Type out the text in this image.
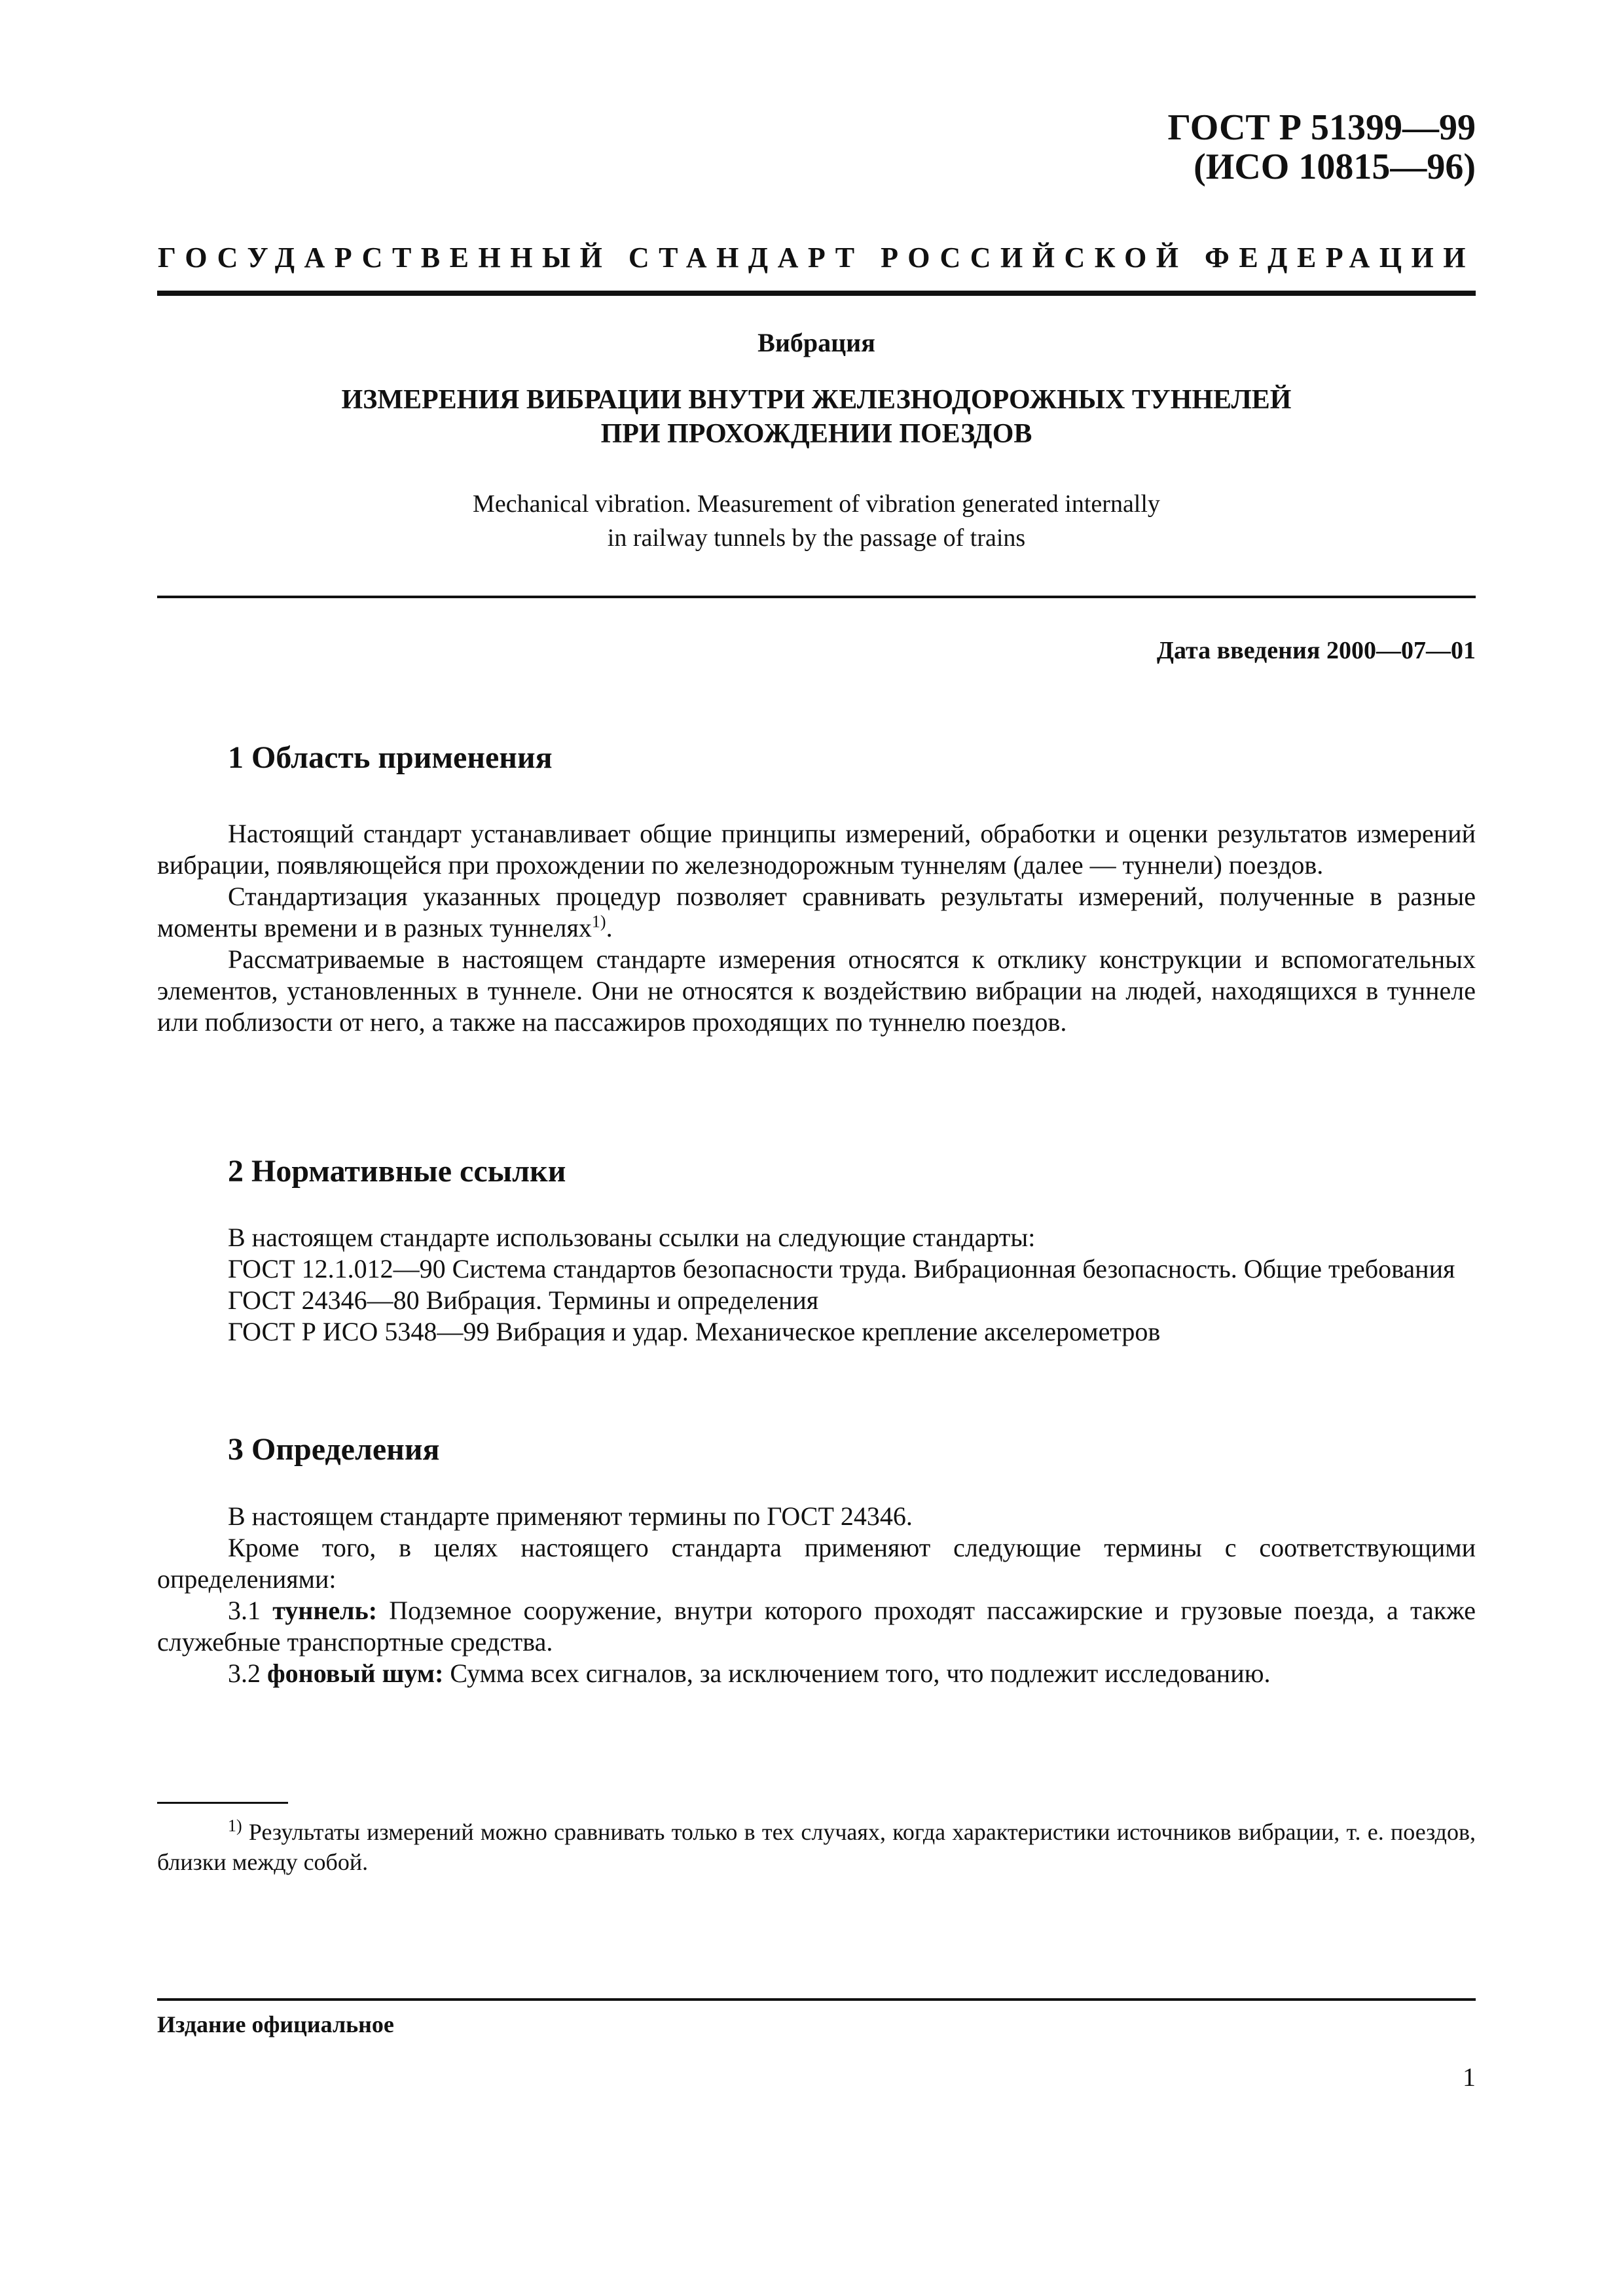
ГОСТ Р 51399—99
(ИСО 10815—96)
ГОСУДАРСТВЕННЫЙ СТАНДАРТ РОССИЙСКОЙ ФЕДЕРАЦИИ
Вибрация
ИЗМЕРЕНИЯ ВИБРАЦИИ ВНУТРИ ЖЕЛЕЗНОДОРОЖНЫХ ТУННЕЛЕЙ
ПРИ ПРОХОЖДЕНИИ ПОЕЗДОВ
Mechanical vibration. Measurement of vibration generated internally
in railway tunnels by the passage of trains
Дата введения 2000—07—01
1 Область применения

Настоящий стандарт устанавливает общие принципы измерений, обработки и оценки результатов измерений вибрации, появляющейся при прохождении по железнодорожным туннелям (далее — туннели) поездов.

Стандартизация указанных процедур позволяет сравнивать результаты измерений, полученные в разные моменты времени и в разных туннелях$^{1)}$.

Рассматриваемые в настоящем стандарте измерения относятся к отклику конструкции и вспомогательных элементов, установленных в туннеле. Они не относятся к воздействию вибрации на людей, находящихся в туннеле или поблизости от него, а также на пассажиров проходящих по туннелю поездов.

2 Нормативные ссылки

В настоящем стандарте использованы ссылки на следующие стандарты:

ГОСТ 12.1.012—90 Система стандартов безопасности труда. Вибрационная безопасность. Общие требования

ГОСТ 24346—80 Вибрация. Термины и определения

ГОСТ Р ИСО 5348—99 Вибрация и удар. Механическое крепление акселерометров

3 Определения

В настоящем стандарте применяют термины по ГОСТ 24346.

Кроме того, в целях настоящего стандарта применяют следующие термины с соответствующими определениями:

3.1 туннель: Подземное сооружение, внутри которого проходят пассажирские и грузовые поезда, а также служебные транспортные средства.

3.2 фоновый шум: Сумма всех сигналов, за исключением того, что подлежит исследованию.

$^{1)}$ Результаты измерений можно сравнивать только в тех случаях, когда характеристики источников вибрации, т. е. поездов, близки между собой.
Издание официальное
1
